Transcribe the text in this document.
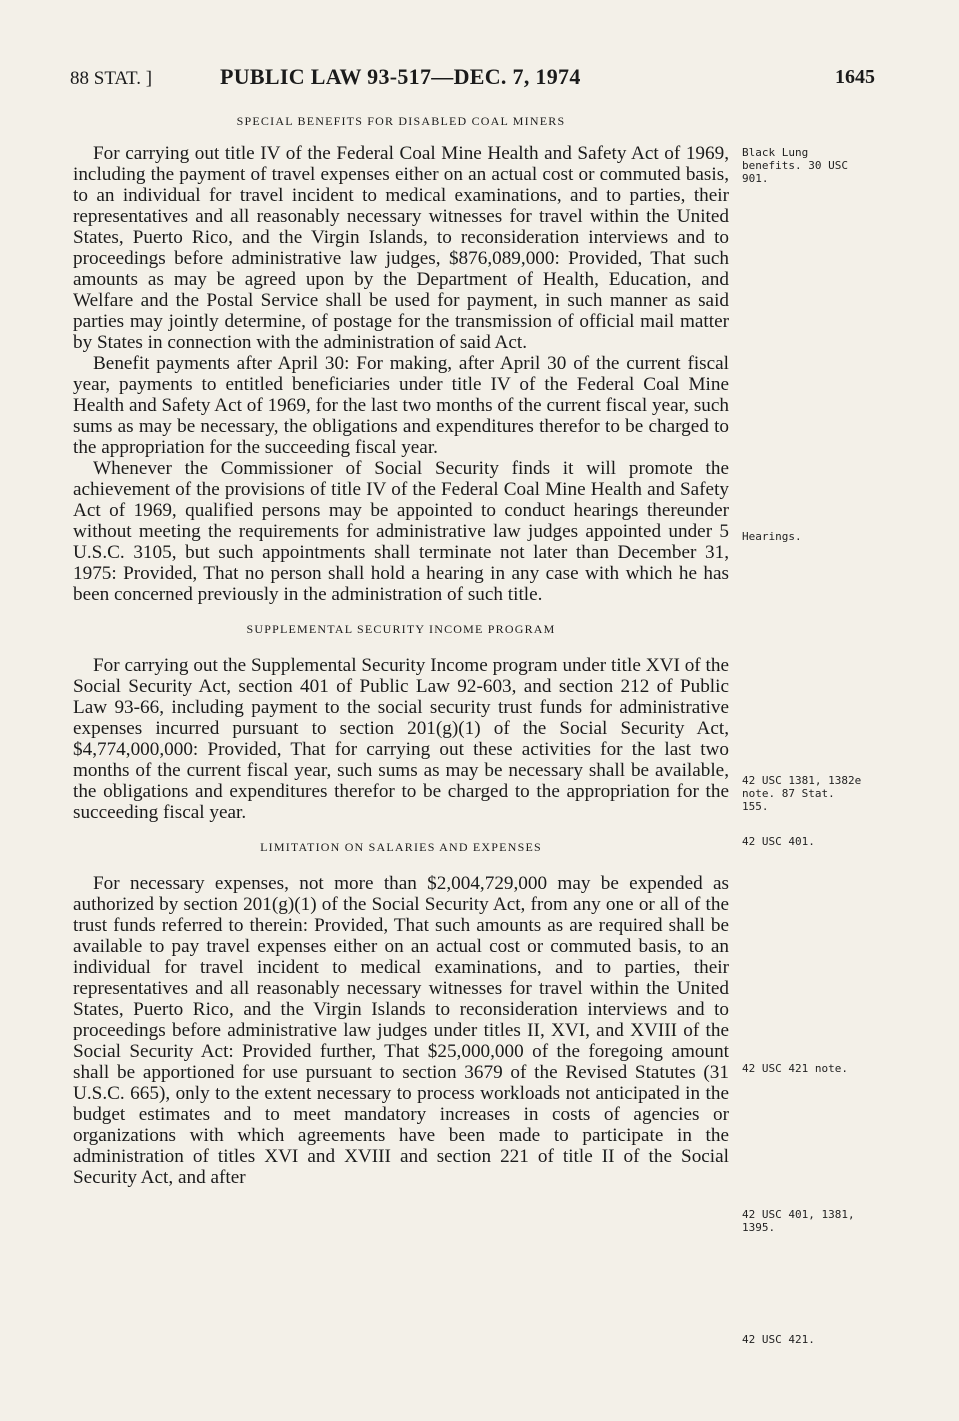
88 STAT. ]	PUBLIC LAW 93-517—DEC. 7, 1974	1645
SPECIAL BENEFITS FOR DISABLED COAL MINERS

For carrying out title IV of the Federal Coal Mine Health and Safety Act of 1969, including the payment of travel expenses either on an actual cost or commuted basis, to an individual for travel incident to medical examinations, and to parties, their representatives and all reasonably necessary witnesses for travel within the United States, Puerto Rico, and the Virgin Islands, to reconsideration interviews and to proceedings before administrative law judges, $876,089,000: Provided, That such amounts as may be agreed upon by the Department of Health, Education, and Welfare and the Postal Service shall be used for payment, in such manner as said parties may jointly determine, of postage for the transmission of official mail matter by States in connection with the administration of said Act.

Benefit payments after April 30: For making, after April 30 of the current fiscal year, payments to entitled beneficiaries under title IV of the Federal Coal Mine Health and Safety Act of 1969, for the last two months of the current fiscal year, such sums as may be necessary, the obligations and expenditures therefor to be charged to the appropriation for the succeeding fiscal year.

Whenever the Commissioner of Social Security finds it will promote the achievement of the provisions of title IV of the Federal Coal Mine Health and Safety Act of 1969, qualified persons may be appointed to conduct hearings thereunder without meeting the requirements for administrative law judges appointed under 5 U.S.C. 3105, but such appointments shall terminate not later than December 31, 1975: Provided, That no person shall hold a hearing in any case with which he has been concerned previously in the administration of such title.

SUPPLEMENTAL SECURITY INCOME PROGRAM

For carrying out the Supplemental Security Income program under title XVI of the Social Security Act, section 401 of Public Law 92-603, and section 212 of Public Law 93-66, including payment to the social security trust funds for administrative expenses incurred pursuant to section 201(g)(1) of the Social Security Act, $4,774,000,000: Provided, That for carrying out these activities for the last two months of the current fiscal year, such sums as may be necessary shall be available, the obligations and expenditures therefor to be charged to the appropriation for the succeeding fiscal year.

LIMITATION ON SALARIES AND EXPENSES

For necessary expenses, not more than $2,004,729,000 may be expended as authorized by section 201(g)(1) of the Social Security Act, from any one or all of the trust funds referred to therein: Provided, That such amounts as are required shall be available to pay travel expenses either on an actual cost or commuted basis, to an individual for travel incident to medical examinations, and to parties, their representatives and all reasonably necessary witnesses for travel within the United States, Puerto Rico, and the Virgin Islands to reconsideration interviews and to proceedings before administrative law judges under titles II, XVI, and XVIII of the Social Security Act: Provided further, That $25,000,000 of the foregoing amount shall be apportioned for use pursuant to section 3679 of the Revised Statutes (31 U.S.C. 665), only to the extent necessary to process workloads not anticipated in the budget estimates and to meet mandatory increases in costs of agencies or organizations with which agreements have been made to participate in the administration of titles XVI and XVIII and section 221 of title II of the Social Security Act, and after

Black Lung benefits. 30 USC 901.
Hearings.
42 USC 1381, 1382e note. 87 Stat. 155.
42 USC 401.
42 USC 421 note.
42 USC 401, 1381, 1395.
42 USC 421.
